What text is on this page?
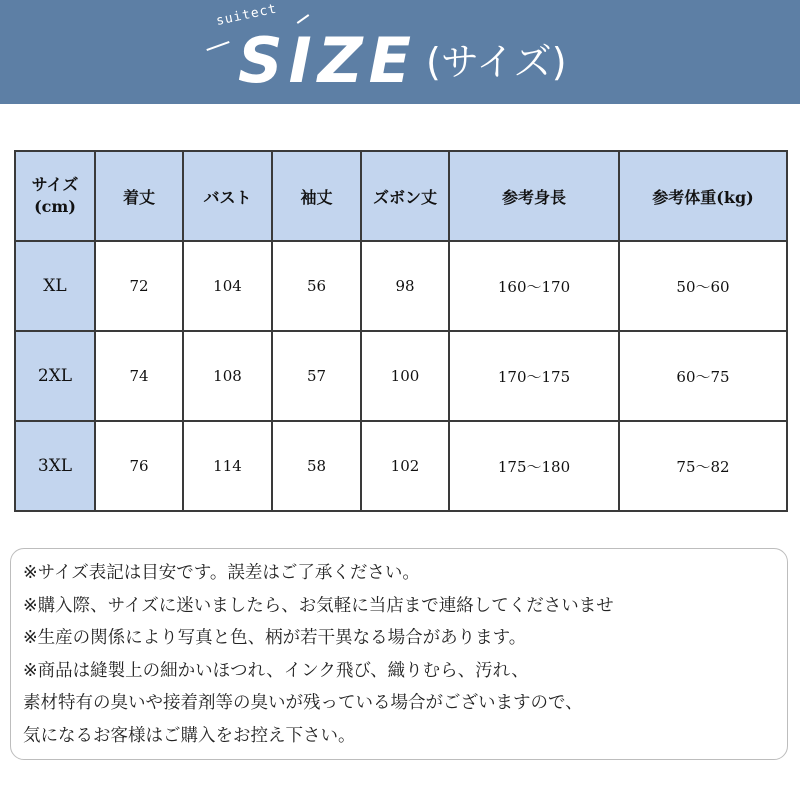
suitect
SIZE (サイズ)
サイズ
(cm)	着丈	バスト	袖丈	ズボン丈	参考身長	参考体重(kg)
XL	72	104	56	98	160～170	50～60
2XL	74	108	57	100	170～175	60～75
3XL	76	114	58	102	175～180	75～82
※サイズ表記は目安です。誤差はご了承ください。
※購入際、サイズに迷いましたら、お気軽に当店まで連絡してくださいませ
※生産の関係により写真と色、柄が若干異なる場合があります。
※商品は縫製上の細かいほつれ、インク飛び、織りむら、汚れ、
素材特有の臭いや接着剤等の臭いが残っている場合がございますので、
気になるお客様はご購入をお控え下さい。
